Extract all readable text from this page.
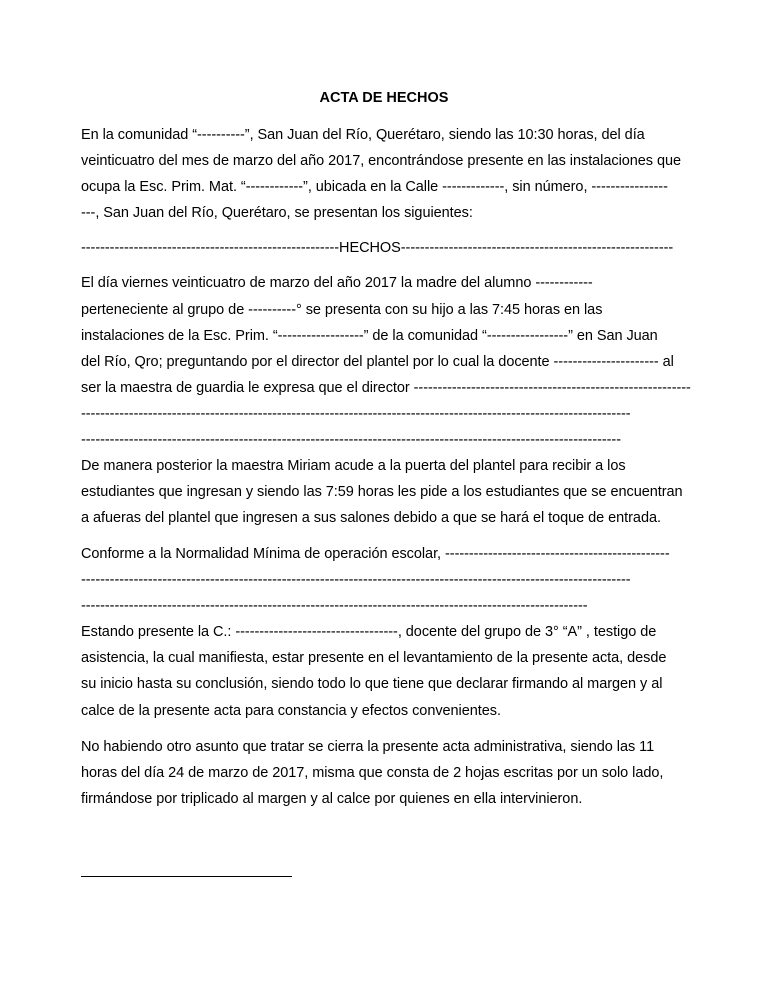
ACTA DE HECHOS
En la comunidad “----------”, San Juan del Río, Querétaro, siendo las 10:30 horas, del día
veinticuatro del mes de marzo del año 2017, encontrándose presente en las instalaciones que
ocupa la Esc. Prim. Mat. “------------”, ubicada en la Calle -------------, sin número, ----------------
---, San Juan del Río, Querétaro, se presentan los siguientes:
------------------------------------------------------HECHOS---------------------------------------------------------
El día viernes veinticuatro de marzo del año 2017 la madre del alumno ------------
perteneciente al grupo de ----------° se presenta con su hijo a las 7:45 horas en las
instalaciones de la Esc. Prim. “------------------” de la comunidad “-----------------” en San Juan
del Río, Qro; preguntando por el director del plantel por lo cual la docente ---------------------- al
ser la maestra de guardia le expresa que el director ----------------------------------------------------------
-------------------------------------------------------------------------------------------------------------------
-----------------------------------------------------------------------------------------------------------------
De manera posterior la maestra Miriam acude a la puerta del plantel para recibir a los
estudiantes que ingresan y siendo las 7:59 horas les pide a los estudiantes que se encuentran
a afueras del plantel que ingresen a sus salones debido a que se hará el toque de entrada.
Conforme a la Normalidad Mínima de operación escolar, -----------------------------------------------
-------------------------------------------------------------------------------------------------------------------
----------------------------------------------------------------------------------------------------------
Estando presente la C.: ----------------------------------, docente del grupo de 3° “A” , testigo de
asistencia, la cual manifiesta, estar presente en el levantamiento de la presente acta, desde
su inicio hasta su conclusión, siendo todo lo que tiene que declarar firmando al margen y al
calce de la presente acta para constancia y efectos convenientes.
No habiendo otro asunto que tratar se cierra la presente acta administrativa, siendo las 11
horas del día 24 de marzo de 2017, misma que consta de 2 hojas escritas por un solo lado,
firmándose por triplicado al margen y al calce por quienes en ella intervinieron.
